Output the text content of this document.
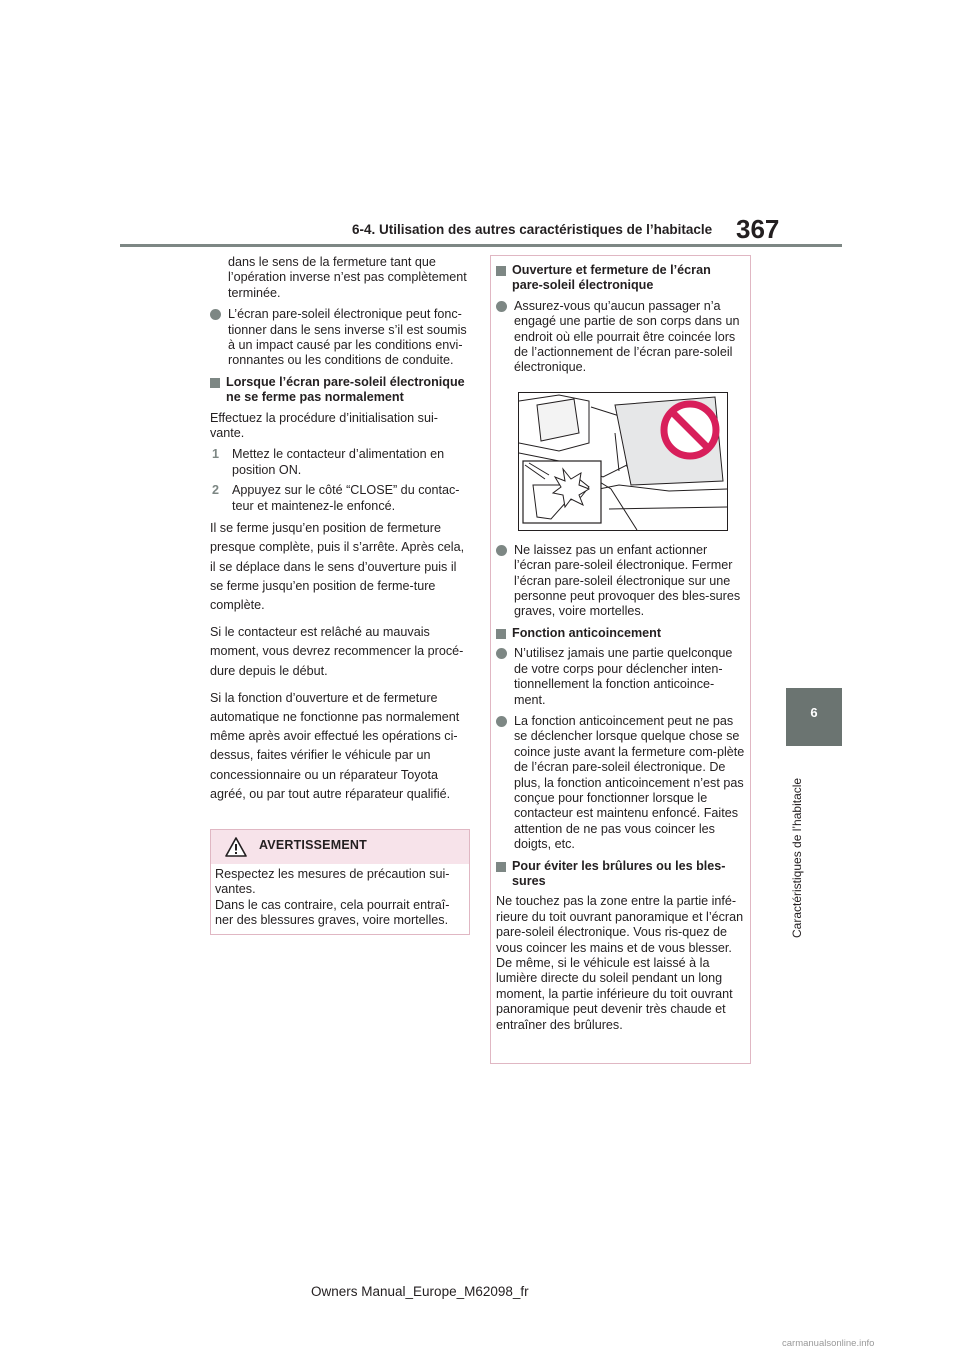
6-4. Utilisation des autres caractéristiques de l’habitacle 367
6
Caractéristiques de l’habitacle

dans le sens de la fermeture tant que l’opération inverse n’est pas complètement terminée.

L’écran pare-soleil électronique peut fonc-tionner dans le sens inverse s’il est soumis à un impact causé par les conditions envi-ronnantes ou les conditions de conduite.
Lorsque l’écran pare-soleil électronique ne se ferme pas normalement

Effectuez la procédure d’initialisation sui-vante.

1 Mettez le contacteur d’alimentation en position ON.
2 Appuyez sur le côté “CLOSE” du contac-teur et maintenez-le enfoncé.

Il se ferme jusqu’en position de fermeture presque complète, puis il s’arrête. Après cela, il se déplace dans le sens d’ouverture puis il se ferme jusqu’en position de ferme-ture complète.

Si le contacteur est relâché au mauvais moment, vous devrez recommencer la procé-dure depuis le début.

Si la fonction d’ouverture et de fermeture automatique ne fonctionne pas normalement même après avoir effectué les opérations ci-dessus, faites vérifier le véhicule par un concessionnaire ou un réparateur Toyota agréé, ou par tout autre réparateur qualifié.

AVERTISSEMENT
Respectez les mesures de précaution sui-vantes.
Dans le cas contraire, cela pourrait entraî-ner des blessures graves, voire mortelles.
Ouverture et fermeture de l’écran pare-soleil électronique
Assurez-vous qu’aucun passager n’a engagé une partie de son corps dans un endroit où elle pourrait être coincée lors de l’actionnement de l’écran pare-soleil électronique.
Ne laissez pas un enfant actionner l’écran pare-soleil électronique. Fermer l’écran pare-soleil électronique sur une personne peut provoquer des bles-sures graves, voire mortelles.
Fonction anticoincement
N’utilisez jamais une partie quelconque de votre corps pour déclencher inten-tionnellement la fonction anticoince-ment.
La fonction anticoincement peut ne pas se déclencher lorsque quelque chose se coince juste avant la fermeture com-plète de l’écran pare-soleil électronique. De plus, la fonction anticoincement n’est pas conçue pour fonctionner lorsque le contacteur est maintenu enfoncé. Faites attention de ne pas vous coincer les doigts, etc.
Pour éviter les brûlures ou les bles-sures

Ne touchez pas la zone entre la partie infé-rieure du toit ouvrant panoramique et l’écran pare-soleil électronique. Vous ris-quez de vous coincer les mains et de vous blesser. De même, si le véhicule est laissé à la lumière directe du soleil pendant un long moment, la partie inférieure du toit ouvrant panoramique peut devenir très chaude et entraîner des brûlures.

Owners Manual_Europe_M62098_fr
carmanualsonline.info
